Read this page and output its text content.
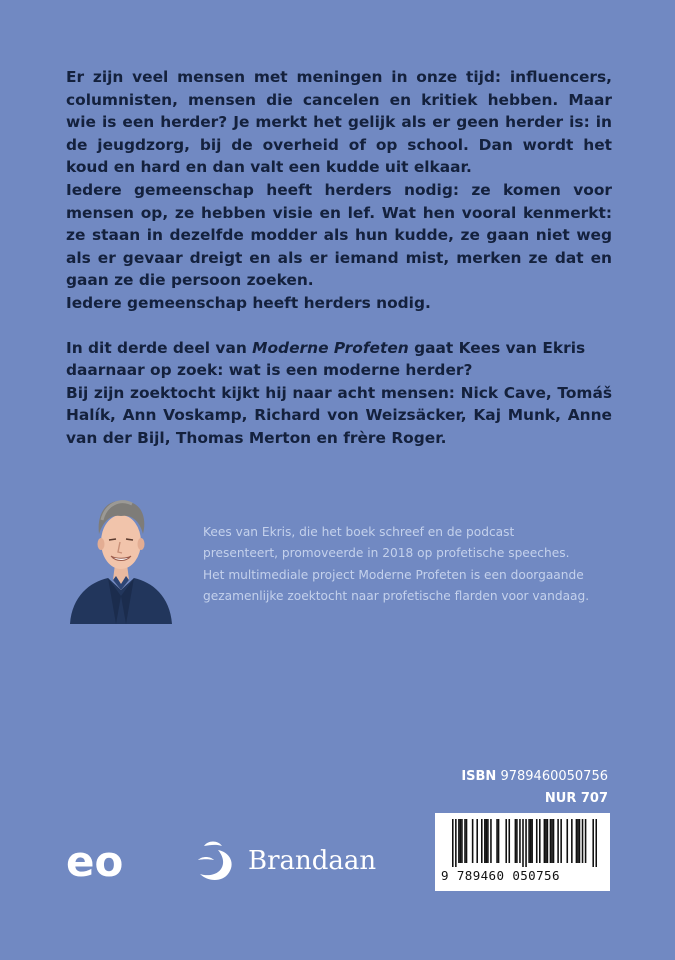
Er zijn veel mensen met meningen in onze tijd: influencers, columnisten, mensen die cancelen en kritiek hebben. Maar wie is een herder? Je merkt het gelijk als er geen herder is: in de jeugdzorg, bij de overheid of op school. Dan wordt het koud en hard en dan valt een kudde uit elkaar.

Iedere gemeenschap heeft herders nodig: ze komen voor mensen op, ze hebben visie en lef. Wat hen vooral kenmerkt: ze staan in dezelfde modder als hun kudde, ze gaan niet weg als er gevaar dreigt en als er iemand mist, merken ze dat en gaan ze die persoon zoeken.

Iedere gemeenschap heeft herders nodig.

In dit derde deel van Moderne Profeten gaat Kees van Ekris daarnaar op zoek: wat is een moderne herder?

Bij zijn zoektocht kijkt hij naar acht mensen: Nick Cave, Tomáš Halík, Ann Voskamp, Richard von Weizsäcker, Kaj Munk, Anne van der Bijl, Thomas Merton en frère Roger.

Kees van Ekris, die het boek schreef en de podcast presenteert, promoveerde in 2018 op profetische speeches. Het multimediale project Moderne Profeten is een doorgaande gezamenlijke zoektocht naar profetische flarden voor vandaag.

ISBN 9789460050756
NUR 707
9 789460 050756
eo	Brandaan
